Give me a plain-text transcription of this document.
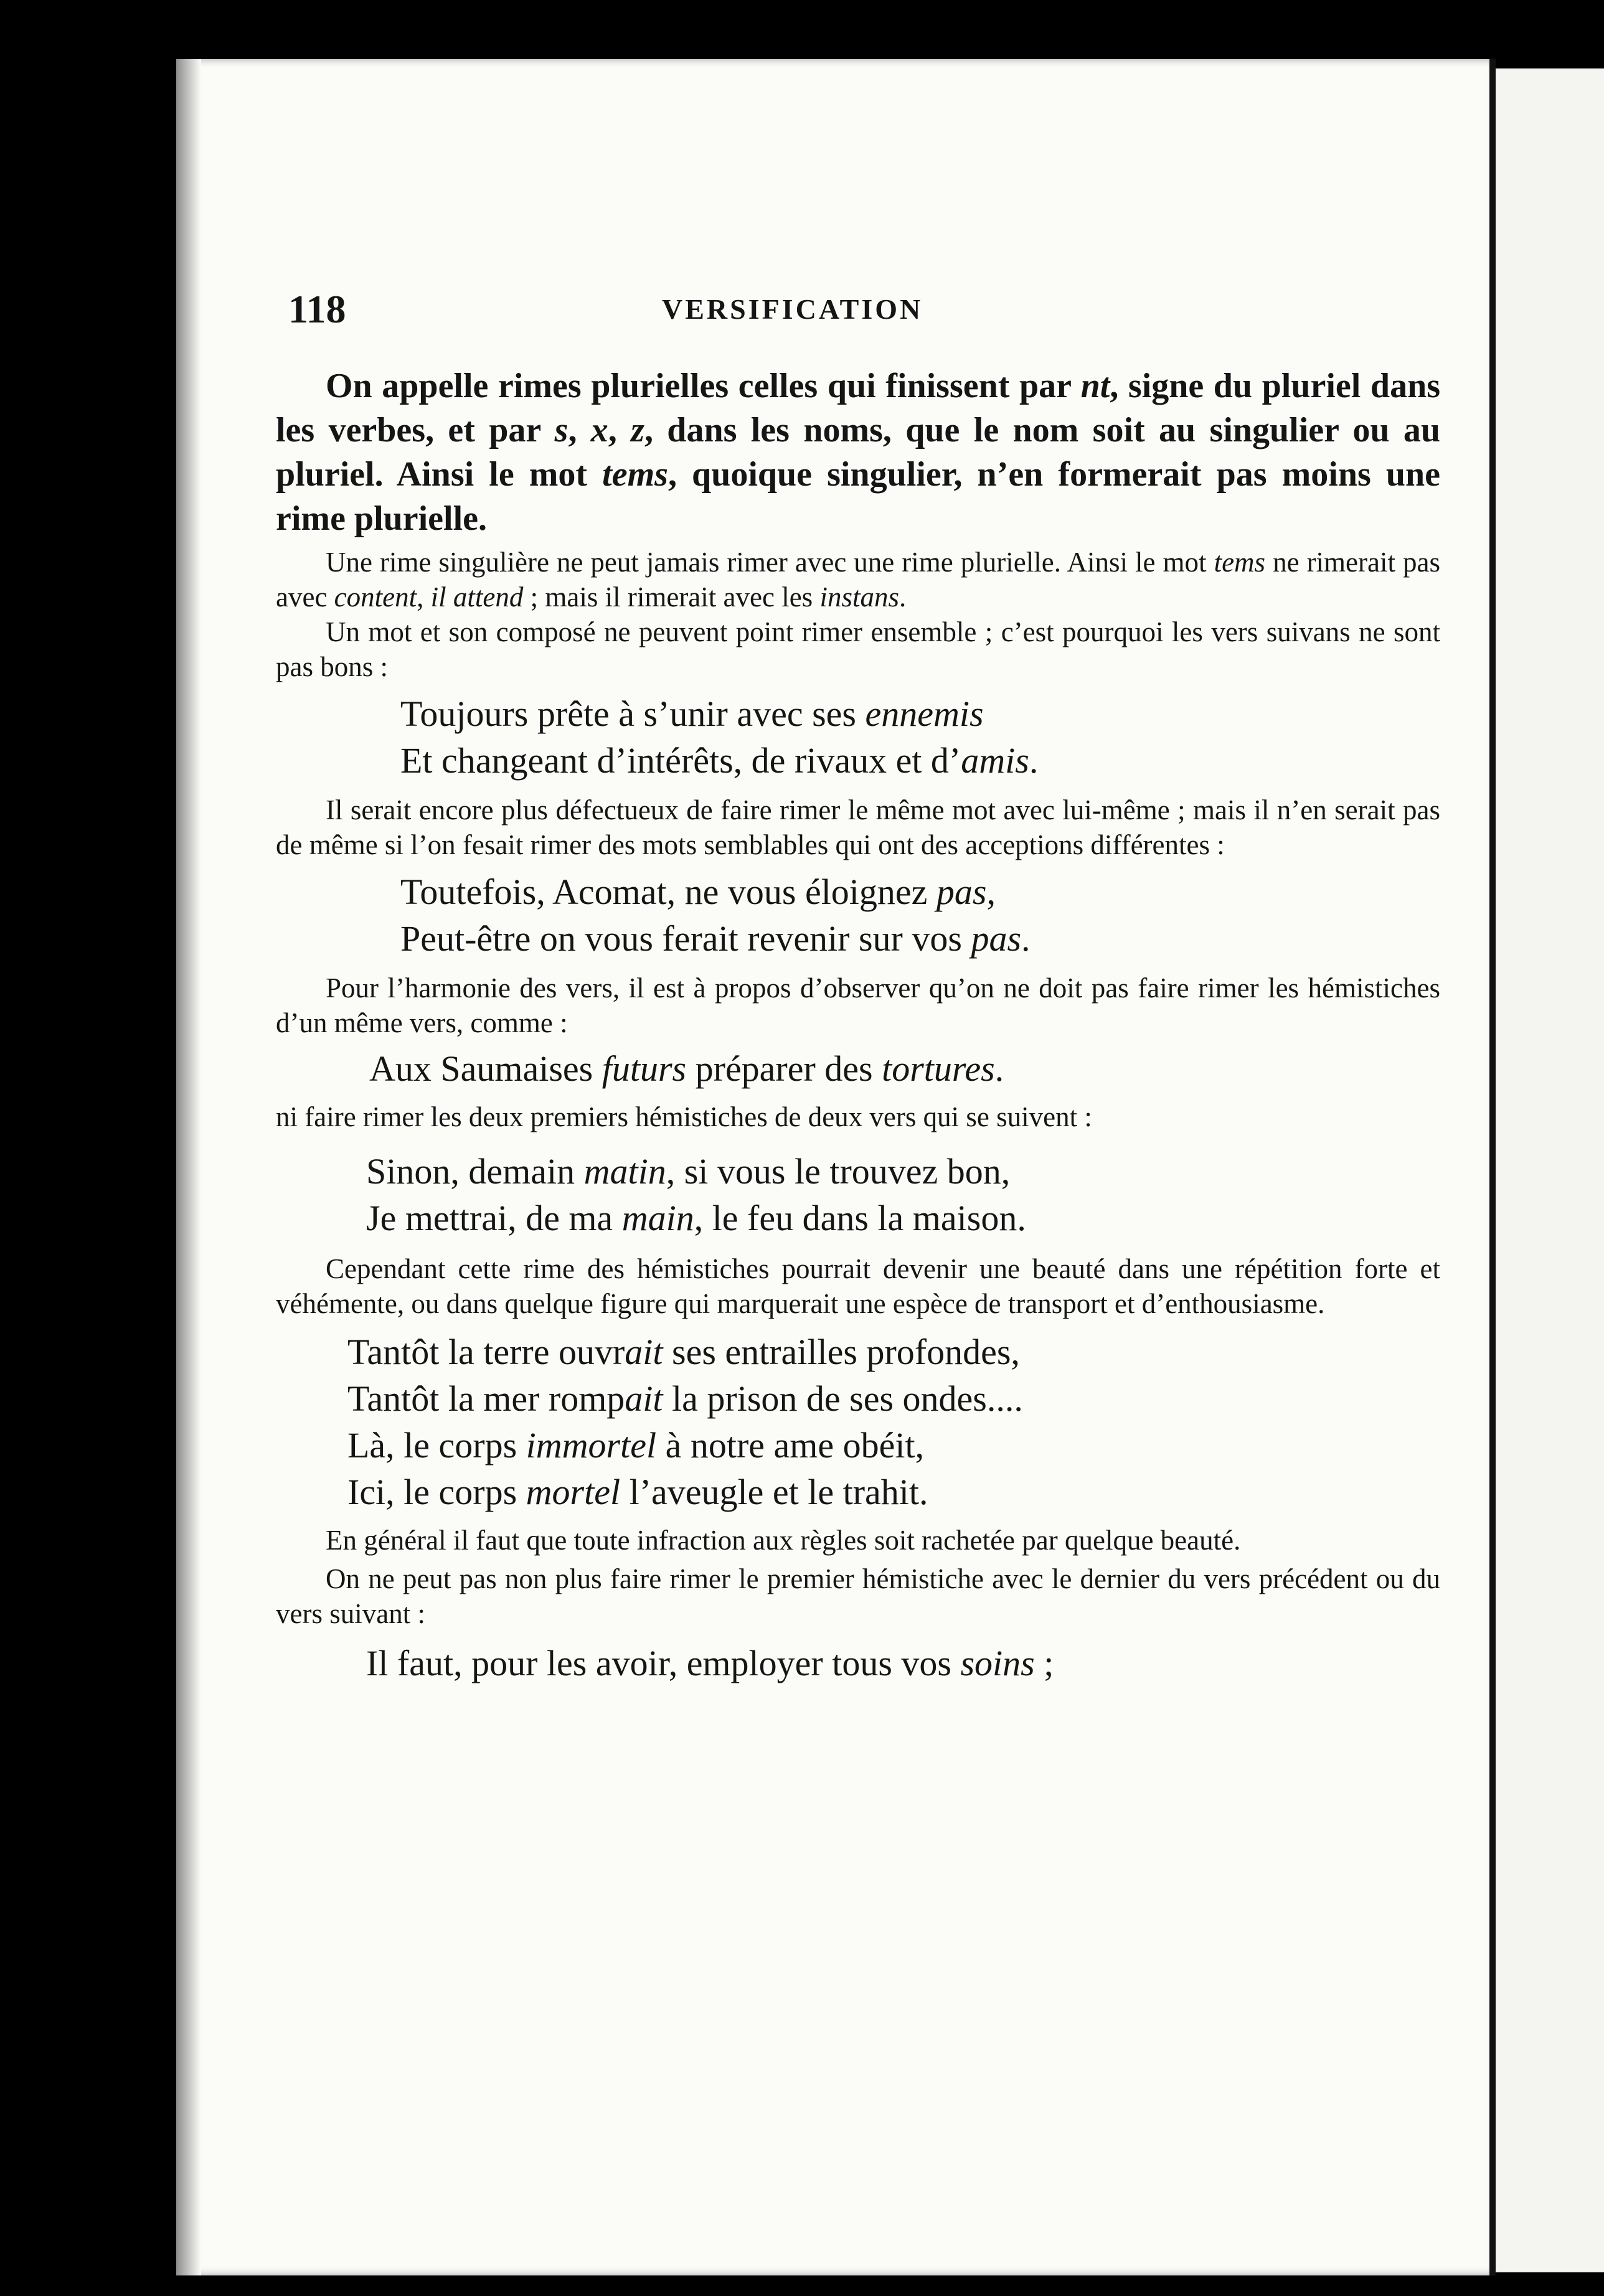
118	VERSIFICATION

On appelle rimes plurielles celles qui finissent par nt, signe du pluriel dans les verbes, et par s, x, z, dans les noms, que le nom soit au singulier ou au pluriel. Ainsi le mot tems, quoique singulier, n’en formerait pas moins une rime plurielle.

Une rime singulière ne peut jamais rimer avec une rime plurielle. Ainsi le mot tems ne rimerait pas avec content, il attend ; mais il rimerait avec les instans.

Un mot et son composé ne peuvent point rimer ensemble ; c’est pourquoi les vers suivans ne sont pas bons :

Toujours prête à s’unir avec ses ennemis
Et changeant d’intérêts, de rivaux et d’amis.

Il serait encore plus défectueux de faire rimer le même mot avec lui-même ; mais il n’en serait pas de même si l’on fesait rimer des mots semblables qui ont des acceptions différentes :

Toutefois, Acomat, ne vous éloignez pas,
Peut-être on vous ferait revenir sur vos pas.

Pour l’harmonie des vers, il est à propos d’observer qu’on ne doit pas faire rimer les hémistiches d’un même vers, comme :

Aux Saumaises futurs préparer des tortures.

ni faire rimer les deux premiers hémistiches de deux vers qui se suivent :

Sinon, demain matin, si vous le trouvez bon,
Je mettrai, de ma main, le feu dans la maison.

Cependant cette rime des hémistiches pourrait devenir une beauté dans une répétition forte et véhémente, ou dans quelque figure qui marquerait une espèce de transport et d’enthousiasme.

Tantôt la terre ouvrait ses entrailles profondes,
Tantôt la mer rompait la prison de ses ondes....
Là, le corps immortel à notre ame obéit,
Ici, le corps mortel l’aveugle et le trahit.

En général il faut que toute infraction aux règles soit rachetée par quelque beauté.

On ne peut pas non plus faire rimer le premier hémistiche avec le dernier du vers précédent ou du vers suivant :

Il faut, pour les avoir, employer tous vos soins ;
